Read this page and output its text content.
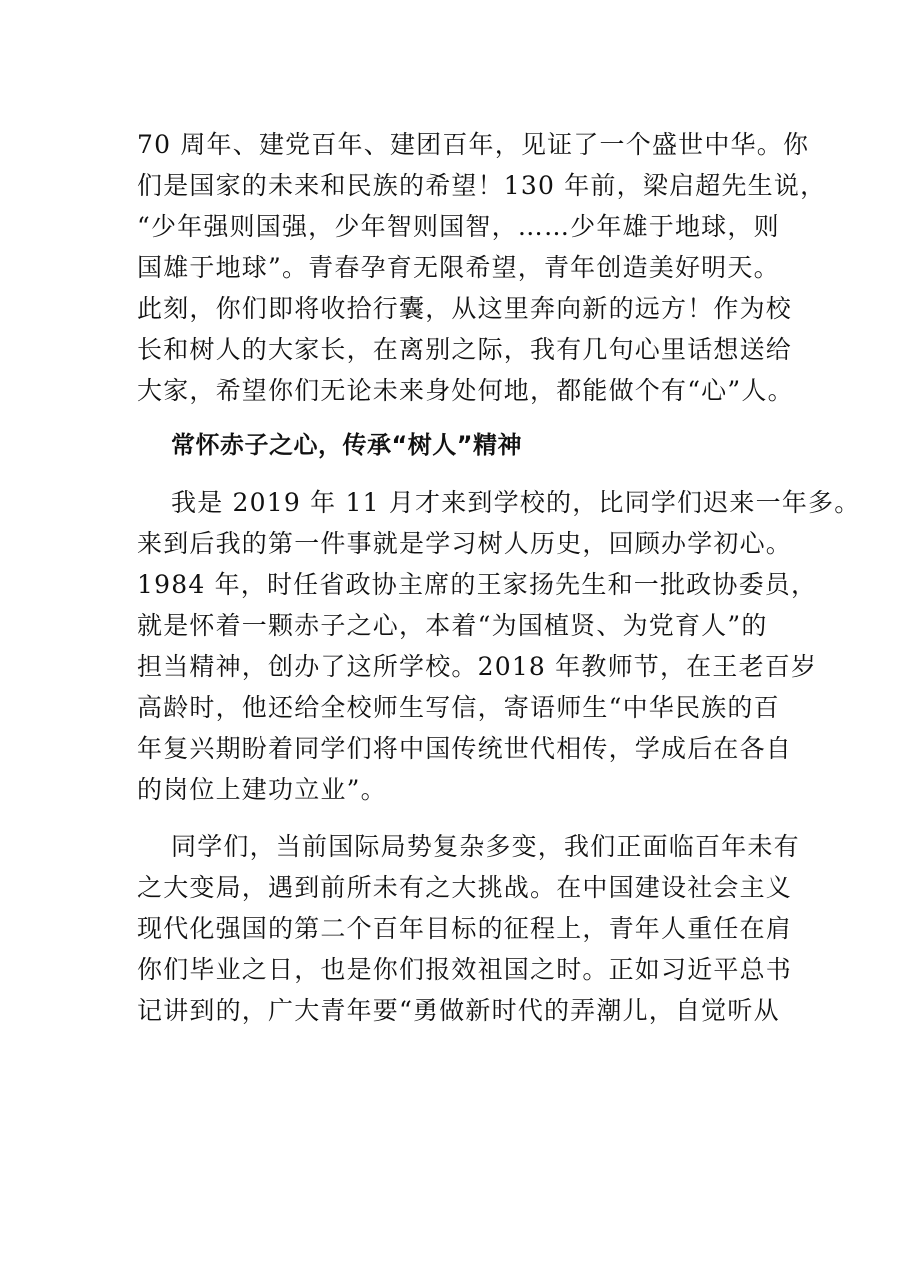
70 周年、建党百年、建团百年，见证了一个盛世中华。你
们是国家的未来和民族的希望！130 年前，梁启超先生说，
“少年强则国强，少年智则国智，……少年雄于地球，则
国雄于地球”。青春孕育无限希望，青年创造美好明天。
此刻，你们即将收拾行囊，从这里奔向新的远方！作为校
长和树人的大家长，在离别之际，我有几句心里话想送给
大家，希望你们无论未来身处何地，都能做个有“心”人。
常怀赤子之心，传承“树人”精神
我是 2019 年 11 月才来到学校的，比同学们迟来一年多。
来到后我的第一件事就是学习树人历史，回顾办学初心。
1984 年，时任省政协主席的王家扬先生和一批政协委员，
就是怀着一颗赤子之心，本着“为国植贤、为党育人”的
担当精神，创办了这所学校。2018 年教师节，在王老百岁
高龄时，他还给全校师生写信，寄语师生“中华民族的百
年复兴期盼着同学们将中国传统世代相传，学成后在各自
的岗位上建功立业”。
同学们，当前国际局势复杂多变，我们正面临百年未有
之大变局，遇到前所未有之大挑战。在中国建设社会主义
现代化强国的第二个百年目标的征程上，青年人重任在肩
你们毕业之日，也是你们报效祖国之时。正如习近平总书
记讲到的，广大青年要“勇做新时代的弄潮儿，自觉听从
